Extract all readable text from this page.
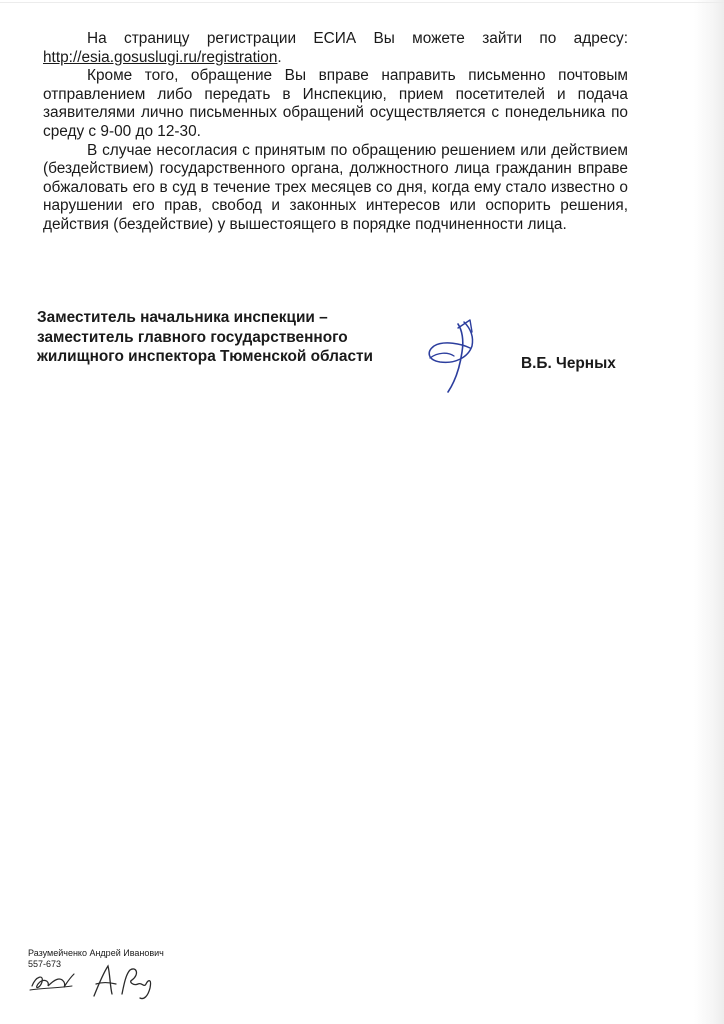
На страницу регистрации ЕСИА Вы можете зайти по адресу: http://esia.gosuslugi.ru/registration.

Кроме того, обращение Вы вправе направить письменно почтовым отправлением либо передать в Инспекцию, прием посетителей и подача заявителями лично письменных обращений осуществляется с понедельника по среду с 9-00 до 12-30.

В случае несогласия с принятым по обращению решением или действием (бездействием) государственного органа, должностного лица гражданин вправе обжаловать его в суд в течение трех месяцев со дня, когда ему стало известно о нарушении его прав, свобод и законных интересов или оспорить решения, действия (бездействие) у вышестоящего в порядке подчиненности лица.

Заместитель начальника инспекции –
заместитель главного государственного
жилищного инспектора Тюменской области	В.Б. Черных
Разумейченко Андрей Иванович
557-673
